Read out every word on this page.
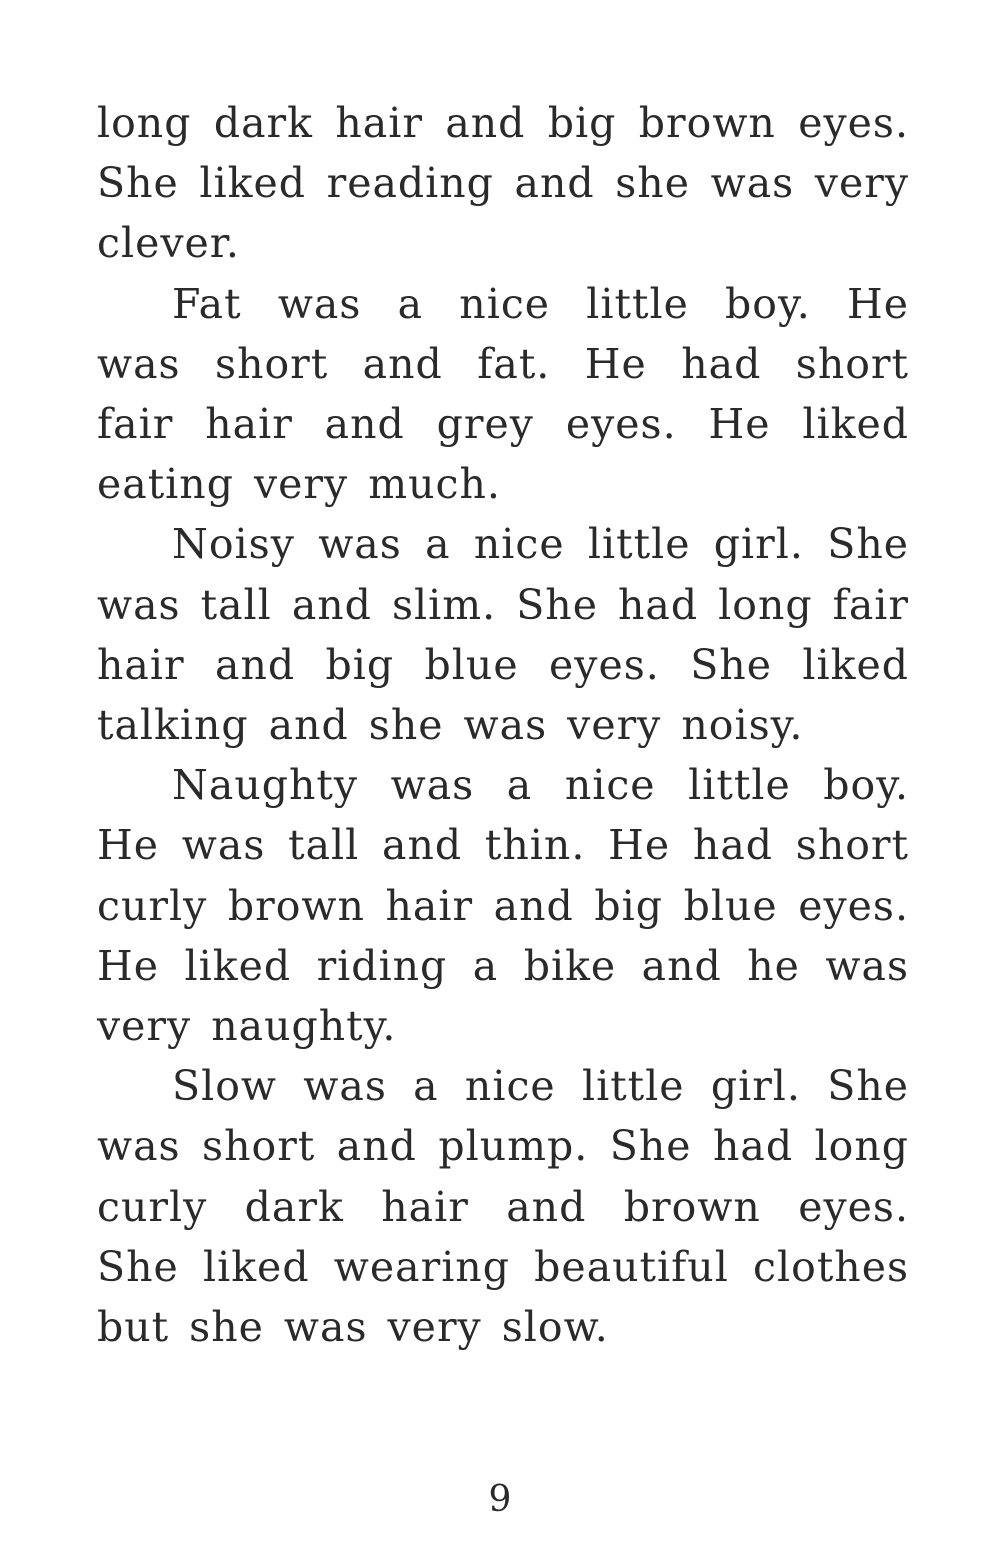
long dark hair and big brown eyes. She liked reading and she was very clever.

Fat was a nice little boy. He was short and fat. He had short fair hair and grey eyes. He liked eating very much.

Noisy was a nice little girl. She was tall and slim. She had long fair hair and big blue eyes. She liked talking and she was very noisy.

Naughty was a nice little boy. He was tall and thin. He had short curly brown hair and big blue eyes. He liked riding a bike and he was very naughty.

Slow was a nice little girl. She was short and plump. She had long curly dark hair and brown eyes. She liked wearing beautiful clothes but she was very slow.

9
